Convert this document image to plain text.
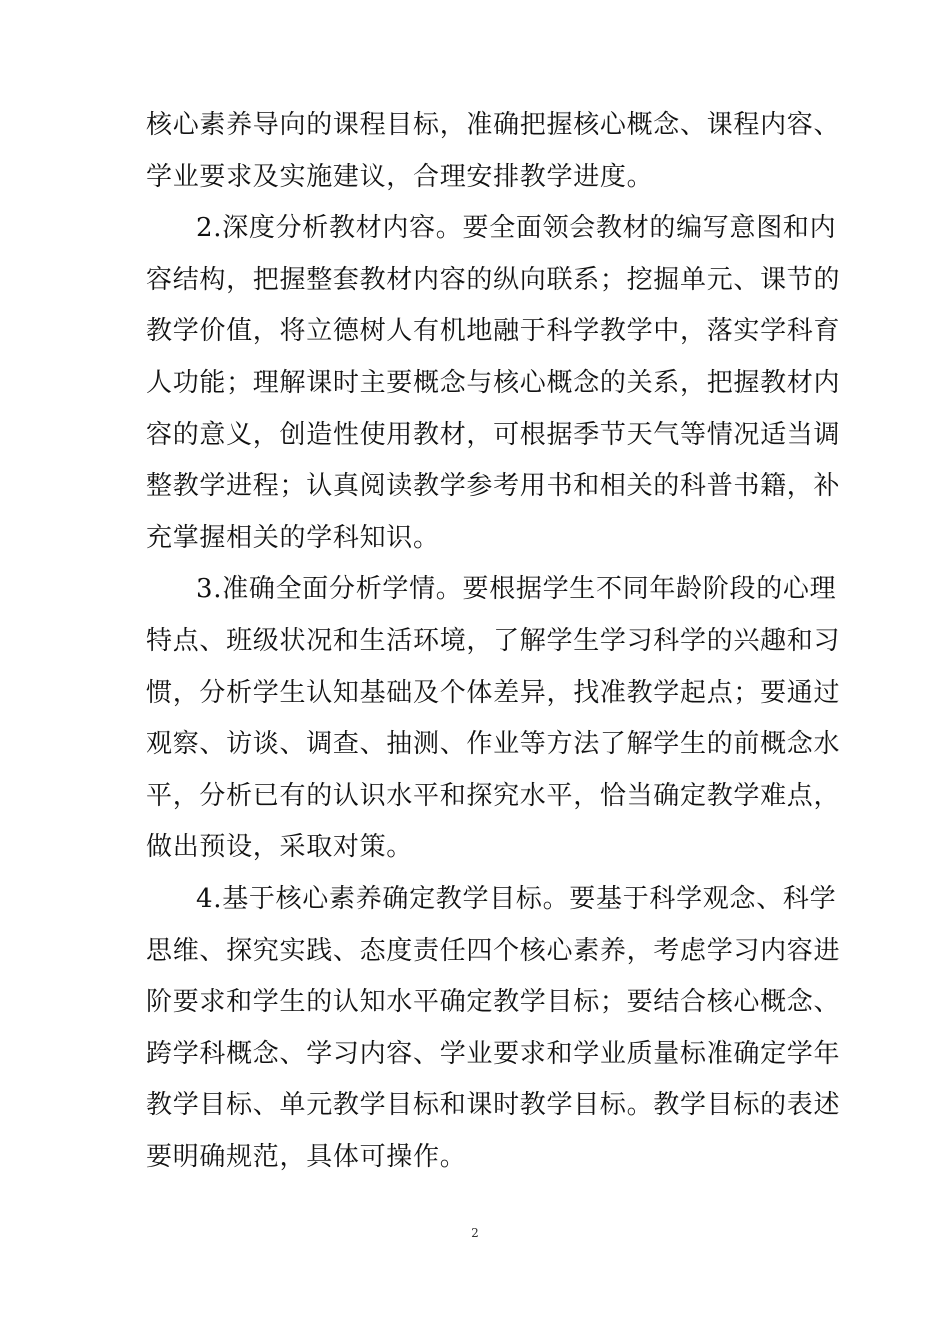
核心素养导向的课程目标，准确把握核心概念、课程内容、
学业要求及实施建议，合理安排教学进度。
2.深度分析教材内容。要全面领会教材的编写意图和内
容结构，把握整套教材内容的纵向联系；挖掘单元、课节的
教学价值，将立德树人有机地融于科学教学中，落实学科育
人功能；理解课时主要概念与核心概念的关系，把握教材内
容的意义，创造性使用教材，可根据季节天气等情况适当调
整教学进程；认真阅读教学参考用书和相关的科普书籍，补
充掌握相关的学科知识。
3.准确全面分析学情。要根据学生不同年龄阶段的心理
特点、班级状况和生活环境，了解学生学习科学的兴趣和习
惯，分析学生认知基础及个体差异，找准教学起点；要通过
观察、访谈、调查、抽测、作业等方法了解学生的前概念水
平，分析已有的认识水平和探究水平，恰当确定教学难点，
做出预设，采取对策。
4.基于核心素养确定教学目标。要基于科学观念、科学
思维、探究实践、态度责任四个核心素养，考虑学习内容进
阶要求和学生的认知水平确定教学目标；要结合核心概念、
跨学科概念、学习内容、学业要求和学业质量标准确定学年
教学目标、单元教学目标和课时教学目标。教学目标的表述
要明确规范，具体可操作。
2
